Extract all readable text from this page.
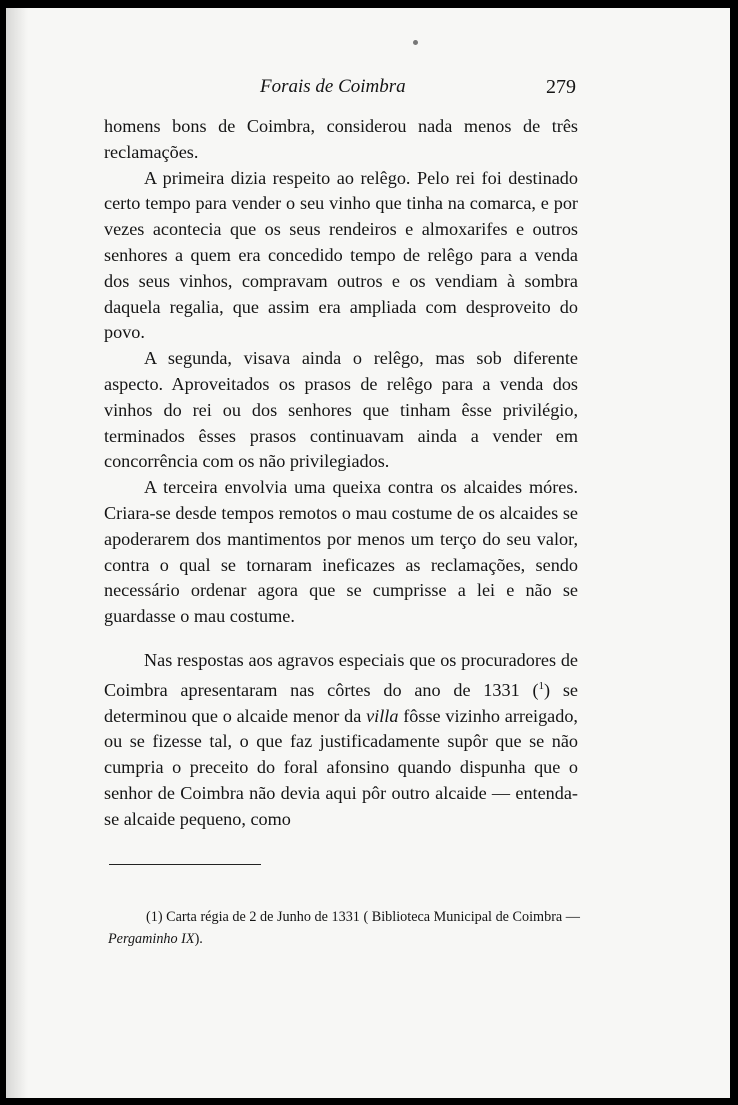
Forais de Coimbra	279

homens bons de Coimbra, considerou nada menos de três reclamações.

A primeira dizia respeito ao relêgo. Pelo rei foi destinado certo tempo para vender o seu vinho que tinha na comarca, e por vezes acontecia que os seus rendeiros e almoxarifes e outros senhores a quem era concedido tempo de relêgo para a venda dos seus vinhos, compravam outros e os vendiam à sombra daquela regalia, que assim era ampliada com desproveito do povo.

A segunda, visava ainda o relêgo, mas sob diferente aspecto. Aproveitados os prasos de relêgo para a venda dos vinhos do rei ou dos senhores que tinham êsse privilégio, terminados êsses prasos continuavam ainda a vender em concorrência com os não privilegiados.

A terceira envolvia uma queixa contra os alcaides móres. Criara-se desde tempos remotos o mau costume de os alcaides se apoderarem dos mantimentos por menos um terço do seu valor, contra o qual se tornaram ineficazes as reclamações, sendo necessário ordenar agora que se cumprisse a lei e não se guardasse o mau costume.

Nas respostas aos agravos especiais que os procuradores de Coimbra apresentaram nas côrtes do ano de 1331 ($^1$) se determinou que o alcaide menor da villa fôsse vizinho arreigado, ou se fizesse tal, o que faz justificadamente supôr que se não cumpria o preceito do foral afonsino quando dispunha que o senhor de Coimbra não devia aqui pôr outro alcaide — entenda-se alcaide pequeno, como

(1) Carta régia de 2 de Junho de 1331 ( Biblioteca Municipal de Coimbra — Pergaminho IX).
